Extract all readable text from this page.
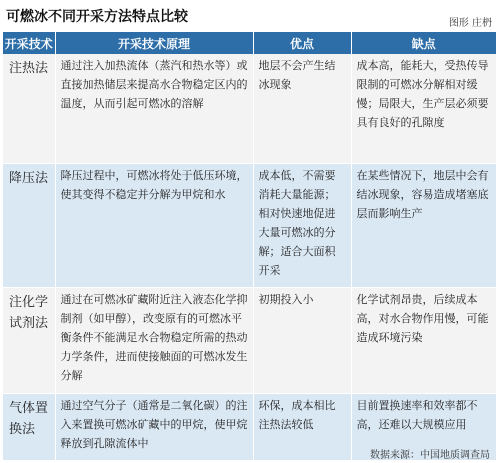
可燃冰不同开采方法特点比较	图形 庄枬
开采技术	开采技术原理	优点	缺点
注热法	通过注入加热流体（蒸汽和热水等）或直接加热储层来提高水合物稳定区内的温度，从而引起可燃冰的溶解	地层不会产生结冰现象	成本高，能耗大，受热传导限制的可燃冰分解相对缓慢；局限大，生产层必须要具有良好的孔隙度
降压法	降压过程中，可燃冰将处于低压环境，使其变得不稳定并分解为甲烷和水	成本低，不需要消耗大量能源；相对快速地促进大量可燃冰的分解；适合大面积开采	在某些情况下，地层中会有结冰现象，容易造成堵塞底层而影响生产
注化学试剂法	通过在可燃冰矿藏附近注入液态化学抑制剂（如甲醇），改变原有的可燃冰平衡条件不能满足水合物稳定所需的热动力学条件，进而使接触面的可燃冰发生分解	初期投入小	化学试剂昂贵，后续成本高，对水合物作用慢，可能造成环境污染
气体置换法	通过空气分子（通常是二氧化碳）的注入来置换可燃冰矿藏中的甲烷，使甲烷释放到孔隙流体中	环保，成本相比注热法较低	目前置换速率和效率都不高，还难以大规模应用
数据来源：中国地质调查局
